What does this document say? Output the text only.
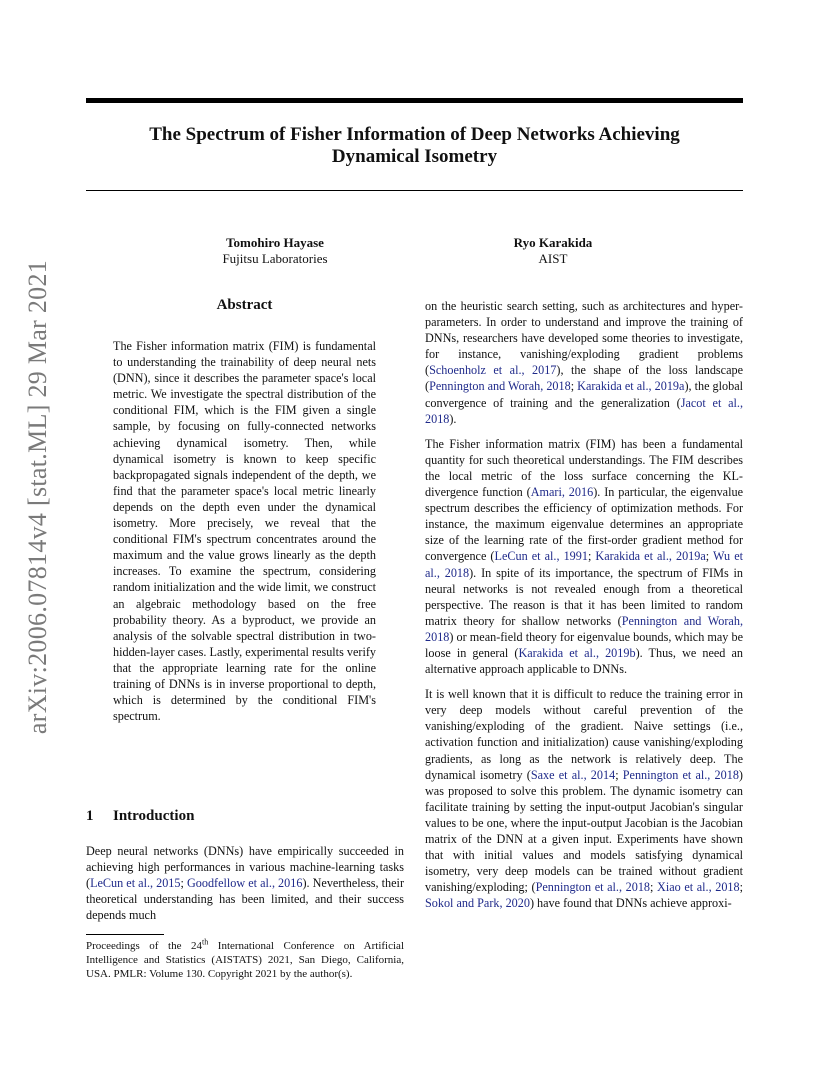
The Spectrum of Fisher Information of Deep Networks Achieving
Dynamical Isometry
arXiv:2006.07814v4 [stat.ML] 29 Mar 2021
Tomohiro Hayase
Fujitsu Laboratories
Ryo Karakida
AIST
Abstract
The Fisher information matrix (FIM) is fundamental to understanding the trainability of deep neural nets (DNN), since it describes the parameter space's local metric. We investigate the spectral distribution of the conditional FIM, which is the FIM given a single sample, by focusing on fully-connected networks achieving dynamical isometry. Then, while dynamical isometry is known to keep specific backpropagated signals independent of the depth, we find that the parameter space's local metric linearly depends on the depth even under the dynamical isometry. More precisely, we reveal that the conditional FIM's spectrum concentrates around the maximum and the value grows linearly as the depth increases. To examine the spectrum, considering random initialization and the wide limit, we construct an algebraic methodology based on the free probability theory. As a byproduct, we provide an analysis of the solvable spectral distribution in two-hidden-layer cases. Lastly, experimental results verify that the appropriate learning rate for the online training of DNNs is in inverse proportional to depth, which is determined by the conditional FIM's spectrum.
1 Introduction
Deep neural networks (DNNs) have empirically succeeded in achieving high performances in various machine-learning tasks (LeCun et al., 2015; Goodfellow et al., 2016). Nevertheless, their theoretical understanding has been limited, and their success depends much
Proceedings of the 24th International Conference on Artificial Intelligence and Statistics (AISTATS) 2021, San Diego, California, USA. PMLR: Volume 130. Copyright 2021 by the author(s).

on the heuristic search setting, such as architectures and hyper-parameters. In order to understand and improve the training of DNNs, researchers have developed some theories to investigate, for instance, vanishing/exploding gradient problems (Schoenholz et al., 2017), the shape of the loss landscape (Pennington and Worah, 2018; Karakida et al., 2019a), the global convergence of training and the generalization (Jacot et al., 2018).

The Fisher information matrix (FIM) has been a fundamental quantity for such theoretical understandings. The FIM describes the local metric of the loss surface concerning the KL-divergence function (Amari, 2016). In particular, the eigenvalue spectrum describes the efficiency of optimization methods. For instance, the maximum eigenvalue determines an appropriate size of the learning rate of the first-order gradient method for convergence (LeCun et al., 1991; Karakida et al., 2019a; Wu et al., 2018). In spite of its importance, the spectrum of FIMs in neural networks is not revealed enough from a theoretical perspective. The reason is that it has been limited to random matrix theory for shallow networks (Pennington and Worah, 2018) or mean-field theory for eigenvalue bounds, which may be loose in general (Karakida et al., 2019b). Thus, we need an alternative approach applicable to DNNs.

It is well known that it is difficult to reduce the training error in very deep models without careful prevention of the vanishing/exploding of the gradient. Naive settings (i.e., activation function and initialization) cause vanishing/exploding gradients, as long as the network is relatively deep. The dynamical isometry (Saxe et al., 2014; Pennington et al., 2018) was proposed to solve this problem. The dynamic isometry can facilitate training by setting the input-output Jacobian's singular values to be one, where the input-output Jacobian is the Jacobian matrix of the DNN at a given input. Experiments have shown that with initial values and models satisfying dynamical isometry, very deep models can be trained without gradient vanishing/exploding; (Pennington et al., 2018; Xiao et al., 2018; Sokol and Park, 2020) have found that DNNs achieve approxi-
